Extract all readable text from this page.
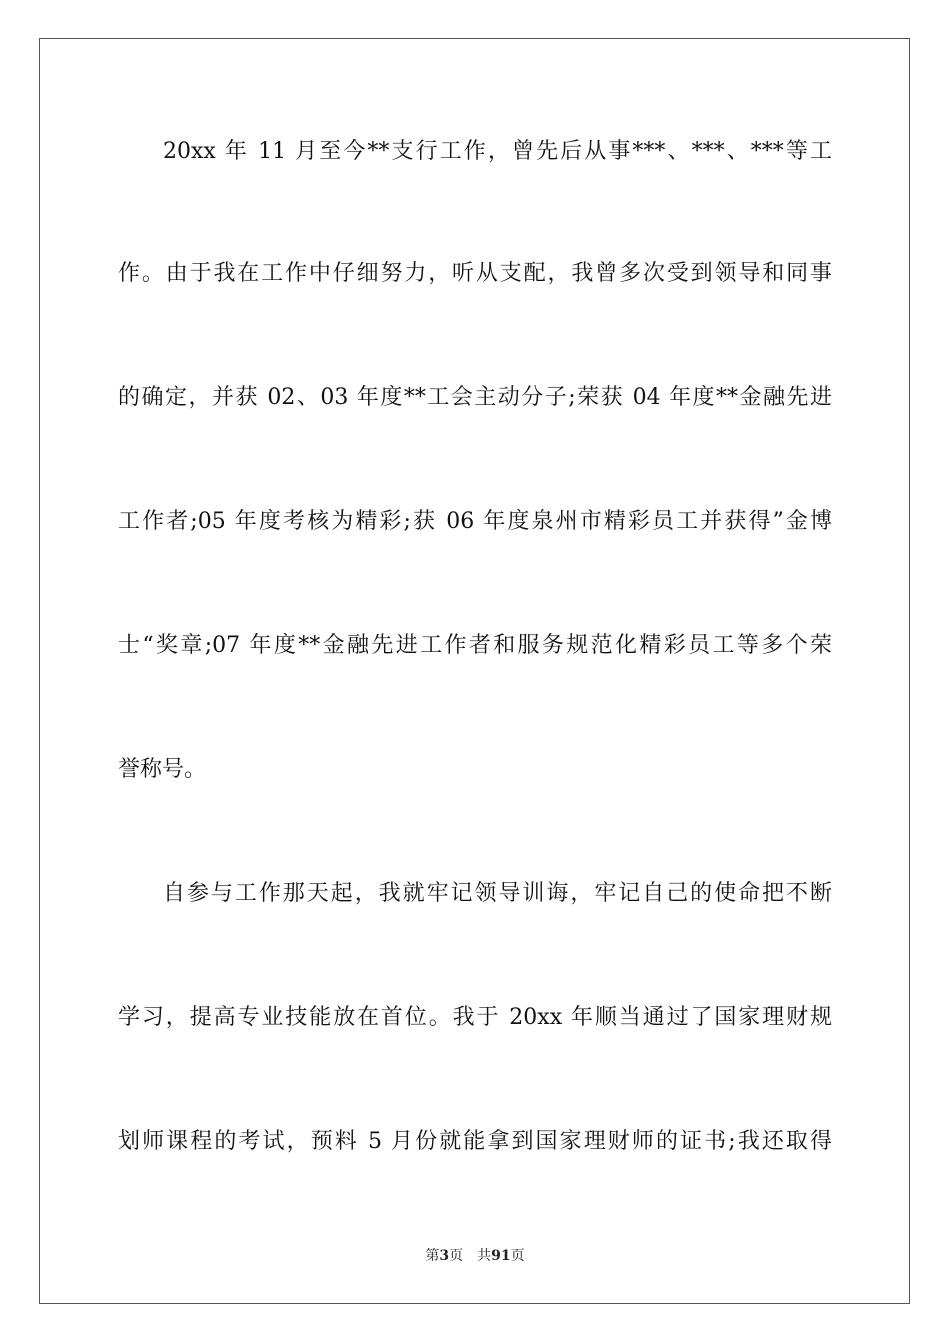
20xx 年 11 月至今**支行工作，曾先后从事***、***、***等工
作。由于我在工作中仔细努力，听从支配，我曾多次受到领导和同事
的确定，并获 02、03 年度**工会主动分子;荣获 04 年度**金融先进
工作者;05 年度考核为精彩;获 06 年度泉州市精彩员工并获得”金博
士“奖章;07 年度**金融先进工作者和服务规范化精彩员工等多个荣
誉称号。
自参与工作那天起，我就牢记领导训诲，牢记自己的使命把不断
学习，提高专业技能放在首位。我于 20xx 年顺当通过了国家理财规
划师课程的考试，预料 5 月份就能拿到国家理财师的证书;我还取得
第3页 共91页
